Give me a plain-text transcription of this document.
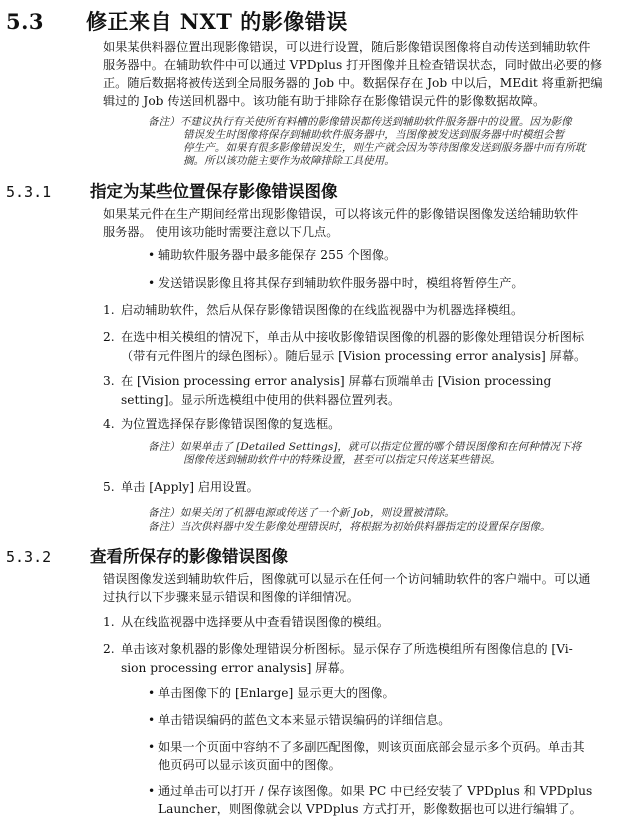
5.3 修正来自 NXT 的影像错误
如果某供料器位置出现影像错误，可以进行设置，随后影像错误图像将自动传送到辅助软件
服务器中。在辅助软件中可以通过 VPDplus 打开图像并且检查错误状态，同时做出必要的修
正。随后数据将被传送到全局服务器的 Job 中。数据保存在 Job 中以后，MEdit 将重新把编
辑过的 Job 传送回机器中。该功能有助于排除存在影像错误元件的影像数据故障。
备注）不建议执行有关使所有料槽的影像错误都传送到辅助软件服务器中的设置。因为影像
错误发生时图像将保存到辅助软件服务器中，当图像被发送到服务器中时模组会暂
停生产。如果有很多影像错误发生，则生产就会因为等待图像发送到服务器中而有所耽
搁。所以该功能主要作为故障排除工具使用。
5.3.1 指定为某些位置保存影像错误图像
如果某元件在生产期间经常出现影像错误，可以将该元件的影像错误图像发送给辅助软件
服务器。 使用该功能时需要注意以下几点。
• 辅助软件服务器中最多能保存 255 个图像。
• 发送错误影像且将其保存到辅助软件服务器中时，模组将暂停生产。
1. 启动辅助软件，然后从保存影像错误图像的在线监视器中为机器选择模组。
2. 在选中相关模组的情况下，单击从中接收影像错误图像的机器的影像处理错误分析图标
（带有元件图片的绿色图标）。随后显示 [Vision processing error analysis] 屏幕。
3. 在 [Vision processing error analysis] 屏幕右顶端单击 [Vision processing
setting]。显示所选模组中使用的供料器位置列表。
4. 为位置选择保存影像错误图像的复选框。
备注）如果单击了 [Detailed Settings]，就可以指定位置的哪个错误图像和在何种情况下将
图像传送到辅助软件中的特殊设置，甚至可以指定只传送某些错误。
5. 单击 [Apply] 启用设置。
备注）如果关闭了机器电源或传送了一个新 Job，则设置被清除。
备注）当次供料器中发生影像处理错误时，将根据为初始供料器指定的设置保存图像。
5.3.2 查看所保存的影像错误图像
错误图像发送到辅助软件后，图像就可以显示在任何一个访问辅助软件的客户端中。可以通
过执行以下步骤来显示错误和图像的详细情况。
1. 从在线监视器中选择要从中查看错误图像的模组。
2. 单击该对象机器的影像处理错误分析图标。显示保存了所选模组所有图像信息的 [Vi-
sion processing error analysis] 屏幕。
• 单击图像下的 [Enlarge] 显示更大的图像。
• 单击错误编码的蓝色文本来显示错误编码的详细信息。
• 如果一个页面中容纳不了多副匹配图像，则该页面底部会显示多个页码。单击其
他页码可以显示该页面中的图像。
• 通过单击可以打开 / 保存该图像。如果 PC 中已经安装了 VPDplus 和 VPDplus
Launcher，则图像就会以 VPDplus 方式打开，影像数据也可以进行编辑了。
